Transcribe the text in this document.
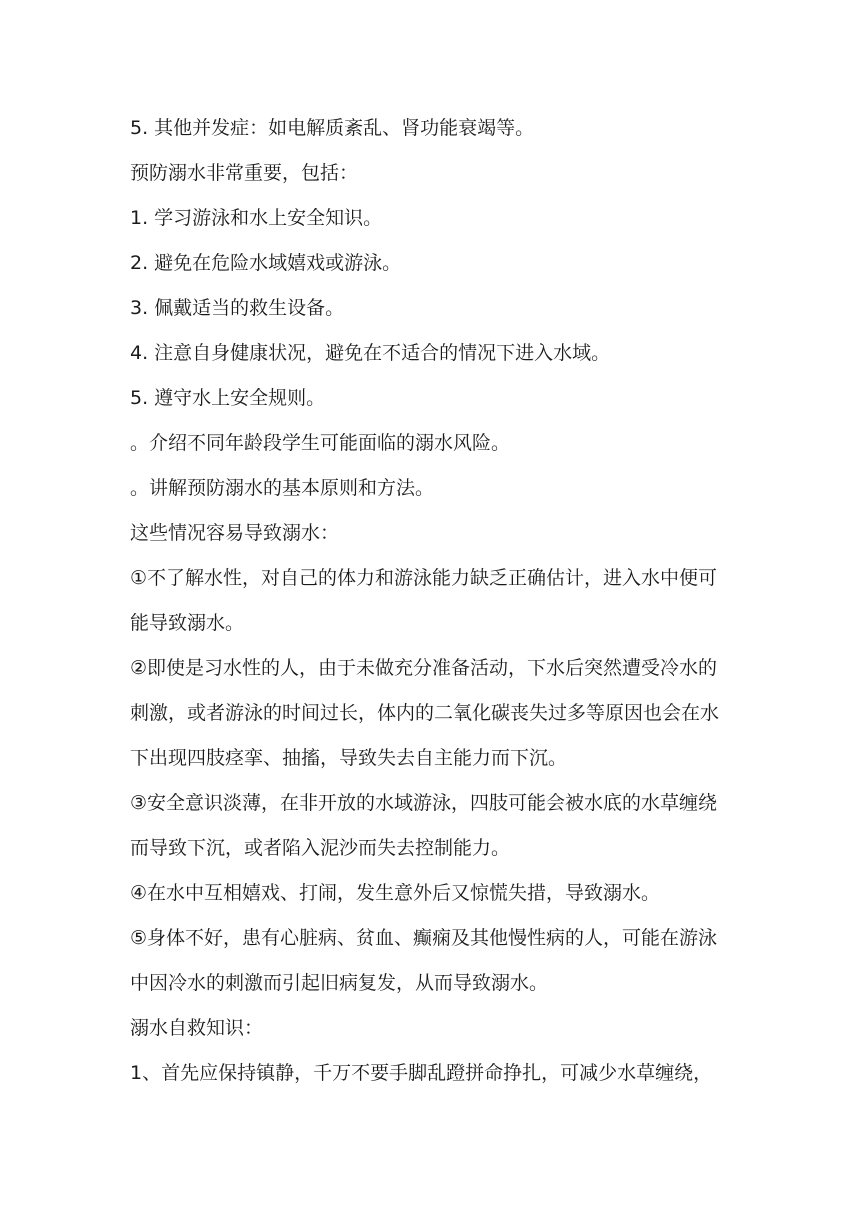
5. 其他并发症：如电解质紊乱、肾功能衰竭等。

预防溺水非常重要，包括：

1. 学习游泳和水上安全知识。

2. 避免在危险水域嬉戏或游泳。

3. 佩戴适当的救生设备。

4. 注意自身健康状况，避免在不适合的情况下进入水域。

5. 遵守水上安全规则。

。介绍不同年龄段学生可能面临的溺水风险。

。讲解预防溺水的基本原则和方法。

这些情况容易导致溺水：

①不了解水性，对自己的体力和游泳能力缺乏正确估计，进入水中便可能导致溺水。

②即使是习水性的人，由于未做充分准备活动，下水后突然遭受冷水的刺激，或者游泳的时间过长，体内的二氧化碳丧失过多等原因也会在水下出现四肢痉挛、抽搐，导致失去自主能力而下沉。

③安全意识淡薄，在非开放的水域游泳，四肢可能会被水底的水草缠绕而导致下沉，或者陷入泥沙而失去控制能力。

④在水中互相嬉戏、打闹，发生意外后又惊慌失措，导致溺水。

⑤身体不好，患有心脏病、贫血、癫痫及其他慢性病的人，可能在游泳中因冷水的刺激而引起旧病复发，从而导致溺水。

溺水自救知识：

1、首先应保持镇静，千万不要手脚乱蹬拼命挣扎，可减少水草缠绕，
